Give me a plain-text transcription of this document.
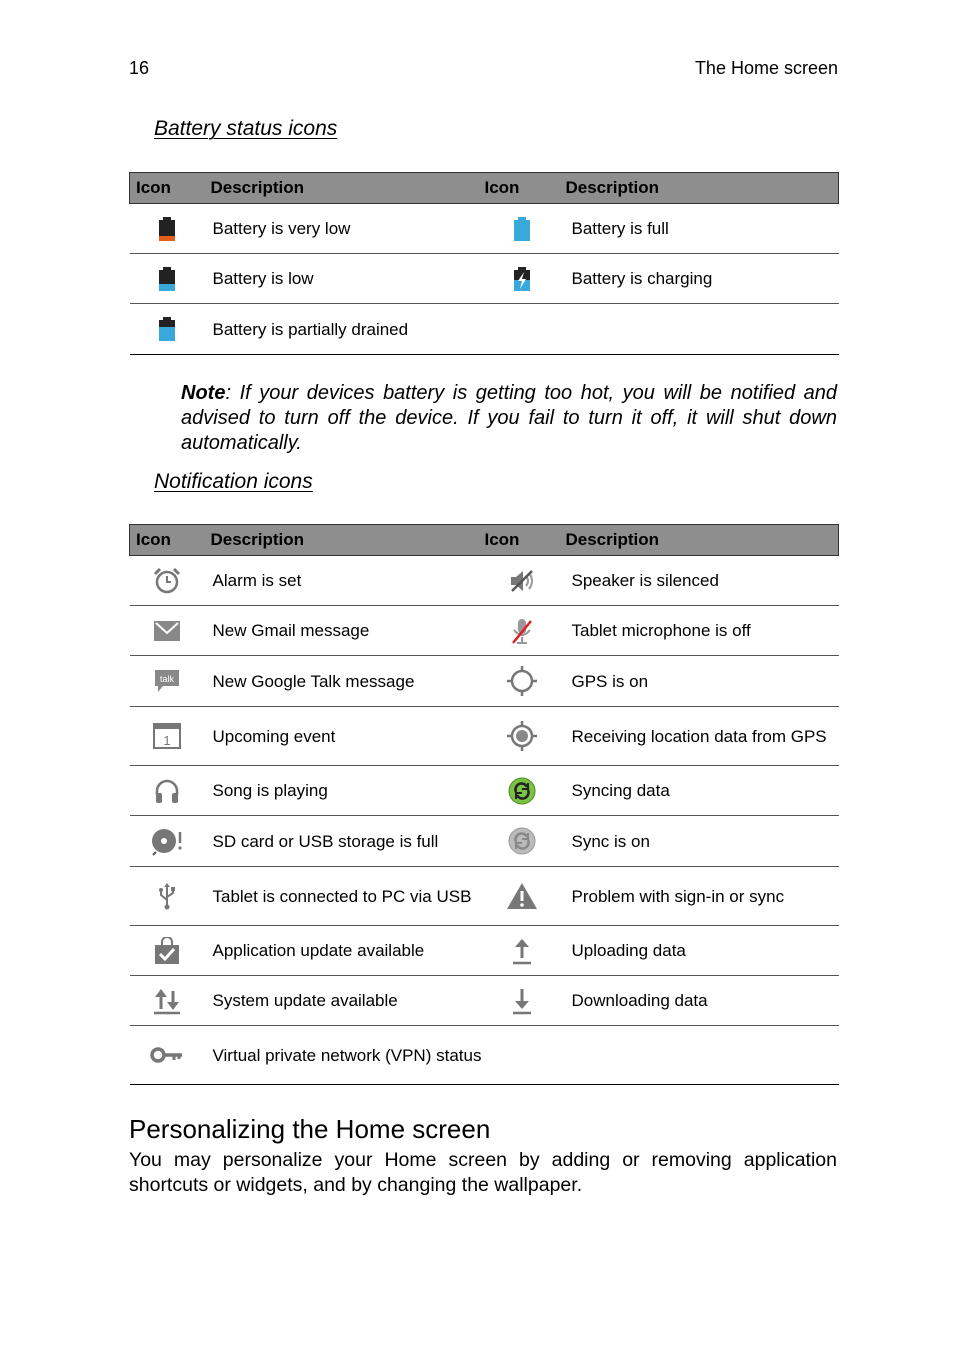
16	The Home screen
Battery status icons
Icon	Description	Icon	Description

	Battery is very low		Battery is full

	Battery is low		Battery is charging

	Battery is partially drained		
Note: If your devices battery is getting too hot, you will be notified and advised to turn off the device. If you fail to turn it off, it will shut down automatically.
Notification icons
Icon	Description	Icon	Description

	Alarm is set		Speaker is silenced

	New Gmail message		Tablet microphone is off

talk	New Google Talk message		GPS is on

1	Upcoming event		Receiving location data from GPS

	Song is playing		Syncing data

	SD card or USB storage is full		Sync is on

	Tablet is connected to PC via USB		Problem with sign-in or sync

	Application update available		Uploading data

	System update available		Downloading data

	Virtual private network (VPN) status		
Personalizing the Home screen
You may personalize your Home screen by adding or removing application shortcuts or widgets, and by changing the wallpaper.
